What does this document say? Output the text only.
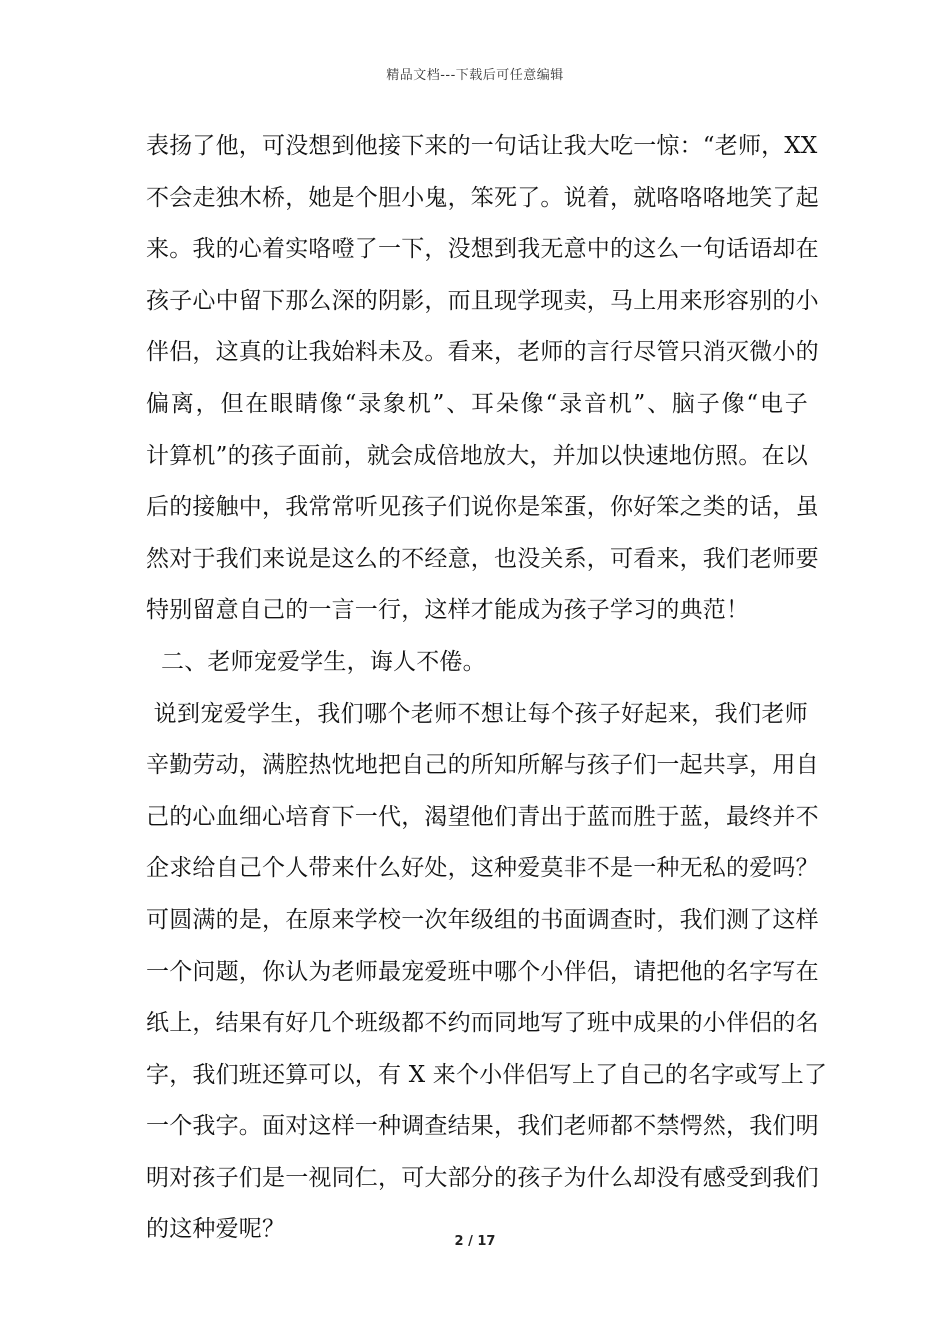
精品文档---下载后可任意编辑
表扬了他，可没想到他接下来的一句话让我大吃一惊：“老师，XX
不会走独木桥，她是个胆小鬼，笨死了。说着，就咯咯咯地笑了起
来。我的心着实咯噔了一下，没想到我无意中的这么一句话语却在
孩子心中留下那么深的阴影，而且现学现卖，马上用来形容别的小
伴侣，这真的让我始料未及。看来，老师的言行尽管只消灭微小的
偏离，但在眼睛像“录象机”、耳朵像“录音机”、脑子像“电子
计算机”的孩子面前，就会成倍地放大，并加以快速地仿照。在以
后的接触中，我常常听见孩子们说你是笨蛋，你好笨之类的话，虽
然对于我们来说是这么的不经意，也没关系，可看来，我们老师要
特别留意自己的一言一行，这样才能成为孩子学习的典范！
二、老师宠爱学生，诲人不倦。
说到宠爱学生，我们哪个老师不想让每个孩子好起来，我们老师
辛勤劳动，满腔热忱地把自己的所知所解与孩子们一起共享，用自
己的心血细心培育下一代，渴望他们青出于蓝而胜于蓝，最终并不
企求给自己个人带来什么好处，这种爱莫非不是一种无私的爱吗？
可圆满的是，在原来学校一次年级组的书面调查时，我们测了这样
一个问题，你认为老师最宠爱班中哪个小伴侣，请把他的名字写在
纸上，结果有好几个班级都不约而同地写了班中成果的小伴侣的名
字，我们班还算可以，有 X 来个小伴侣写上了自己的名字或写上了
一个我字。面对这样一种调查结果，我们老师都不禁愕然，我们明
明对孩子们是一视同仁，可大部分的孩子为什么却没有感受到我们
的这种爱呢？	2 / 17
